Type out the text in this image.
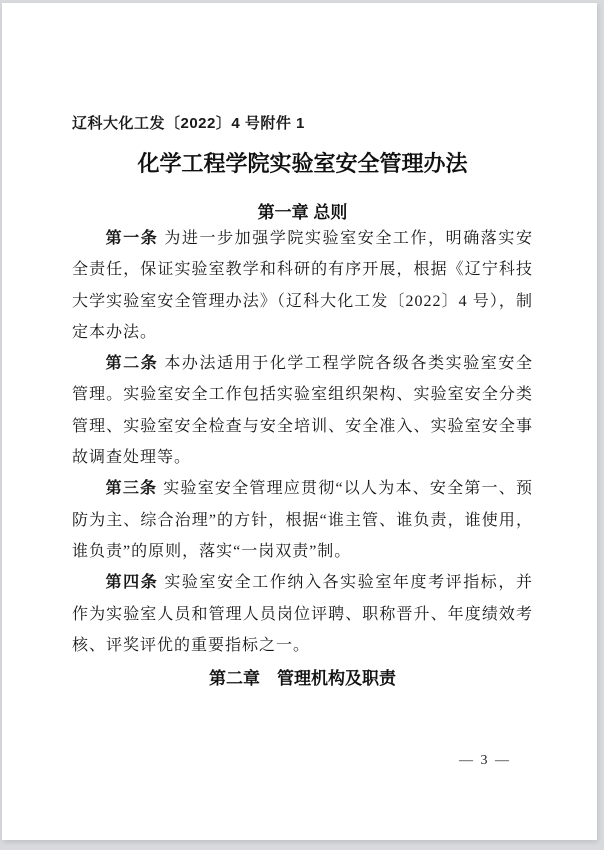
辽科大化工发〔2022〕4 号附件 1

化学工程学院实验室安全管理办法
第一章 总则

第一条 为进一步加强学院实验室安全工作，明确落实安全责任，保证实验室教学和科研的有序开展，根据《辽宁科技大学实验室安全管理办法》（辽科大化工发〔2022〕4 号），制定本办法。

第二条 本办法适用于化学工程学院各级各类实验室安全管理。实验室安全工作包括实验室组织架构、实验室安全分类管理、实验室安全检查与安全培训、安全准入、实验室安全事故调查处理等。

第三条 实验室安全管理应贯彻“以人为本、安全第一、预防为主、综合治理”的方针，根据“谁主管、谁负责，谁使用，谁负责”的原则，落实“一岗双责”制。

第四条 实验室安全工作纳入各实验室年度考评指标，并作为实验室人员和管理人员岗位评聘、职称晋升、年度绩效考核、评奖评优的重要指标之一。

第二章　管理机构及职责
— 3 —
